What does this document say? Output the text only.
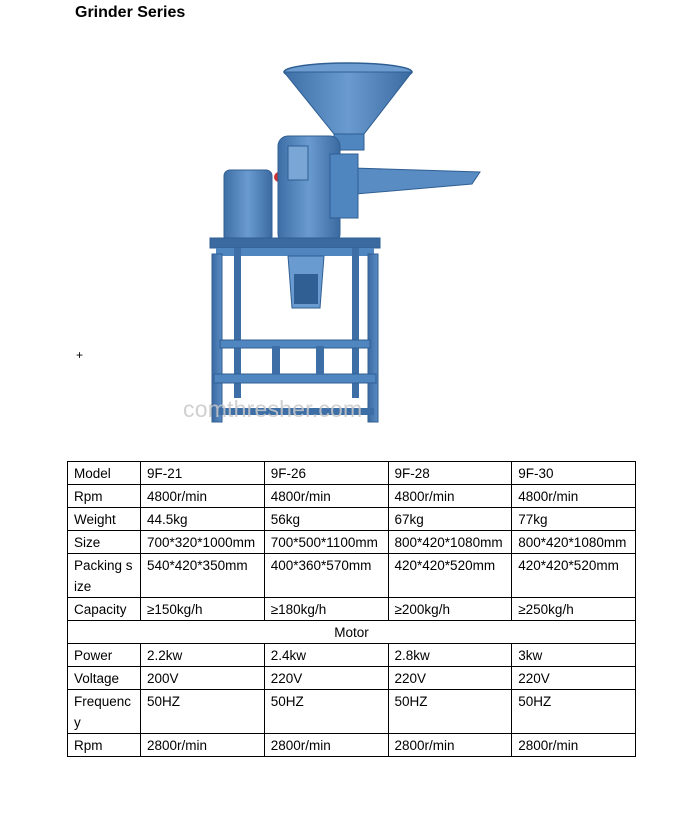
Grinder Series
+
comthresher.com
Model	9F-21	9F-26	9F-28	9F-30
Rpm	4800r/min	4800r/min	4800r/min	4800r/min
Weight	44.5kg	56kg	67kg	77kg
Size	700*320*1000mm	700*500*1100mm	800*420*1080mm	800*420*1080mm
Packing size	540*420*350mm	400*360*570mm	420*420*520mm	420*420*520mm
Capacity	≥150kg/h	≥180kg/h	≥200kg/h	≥250kg/h
Motor				
Power	2.2kw	2.4kw	2.8kw	3kw
Voltage	200V	220V	220V	220V
Frequency	50HZ	50HZ	50HZ	50HZ
Rpm	2800r/min	2800r/min	2800r/min	2800r/min
